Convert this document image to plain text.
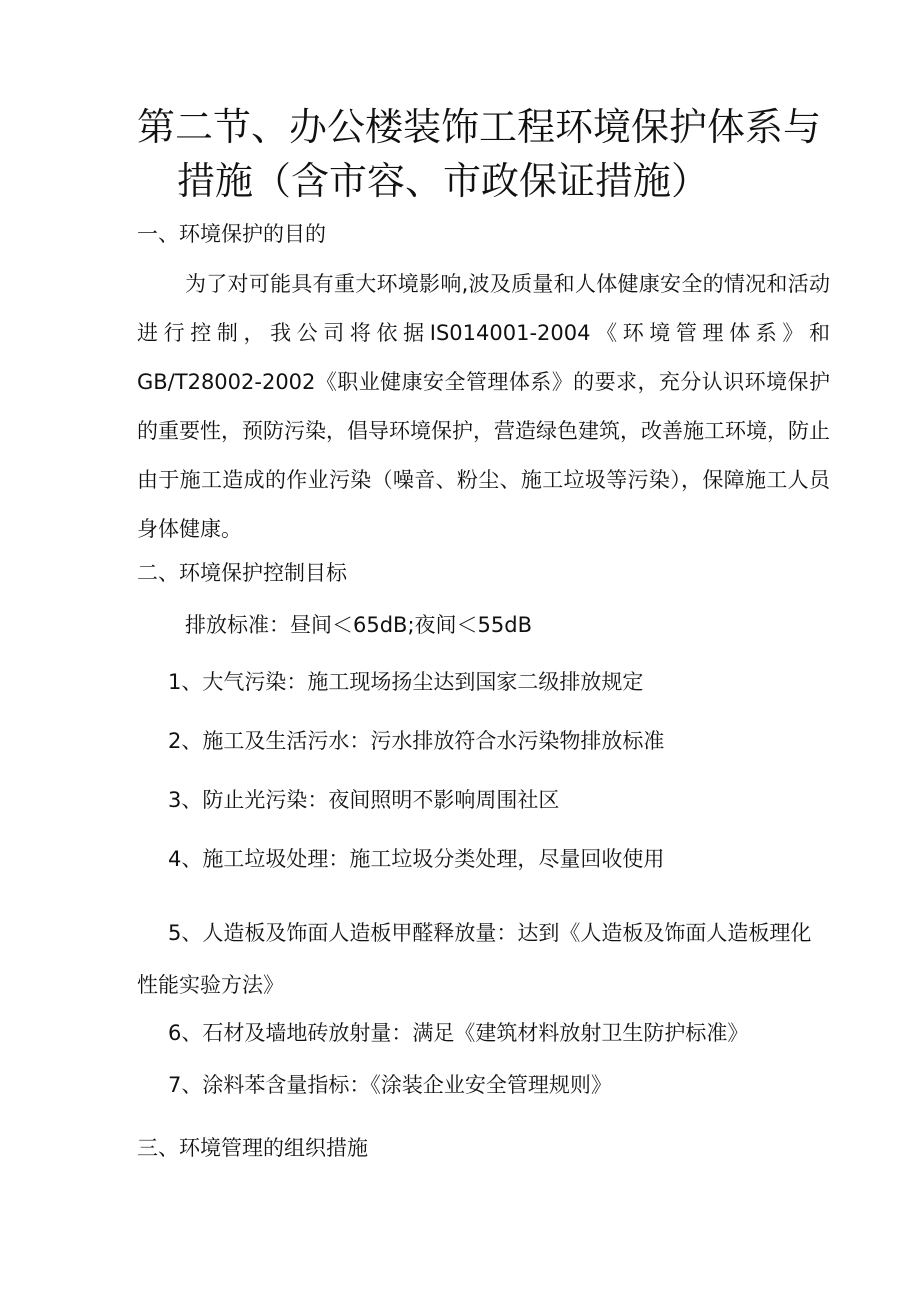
第二节、办公楼装饰工程环境保护体系与
措施（含市容、市政保证措施）
一、环境保护的目的

为了对可能具有重大环境影响,波及质量和人体健康安全的情况和活动进行控制，我公司将依据IS014001-2004《环境管理体系》和GB/T28002-2002《职业健康安全管理体系》的要求，充分认识环境保护的重要性，预防污染，倡导环境保护，营造绿色建筑，改善施工环境，防止由于施工造成的作业污染（噪音、粉尘、施工垃圾等污染），保障施工人员身体健康。

二、环境保护控制目标

排放标准：昼间＜65dB;夜间＜55dB

1、大气污染：施工现场扬尘达到国家二级排放规定

2、施工及生活污水：污水排放符合水污染物排放标准

3、防止光污染：夜间照明不影响周围社区

4、施工垃圾处理：施工垃圾分类处理，尽量回收使用

5、人造板及饰面人造板甲醛释放量：达到《人造板及饰面人造板理化性能实验方法》

6、石材及墙地砖放射量：满足《建筑材料放射卫生防护标准》

7、涂料苯含量指标：《涂装企业安全管理规则》

三、环境管理的组织措施
